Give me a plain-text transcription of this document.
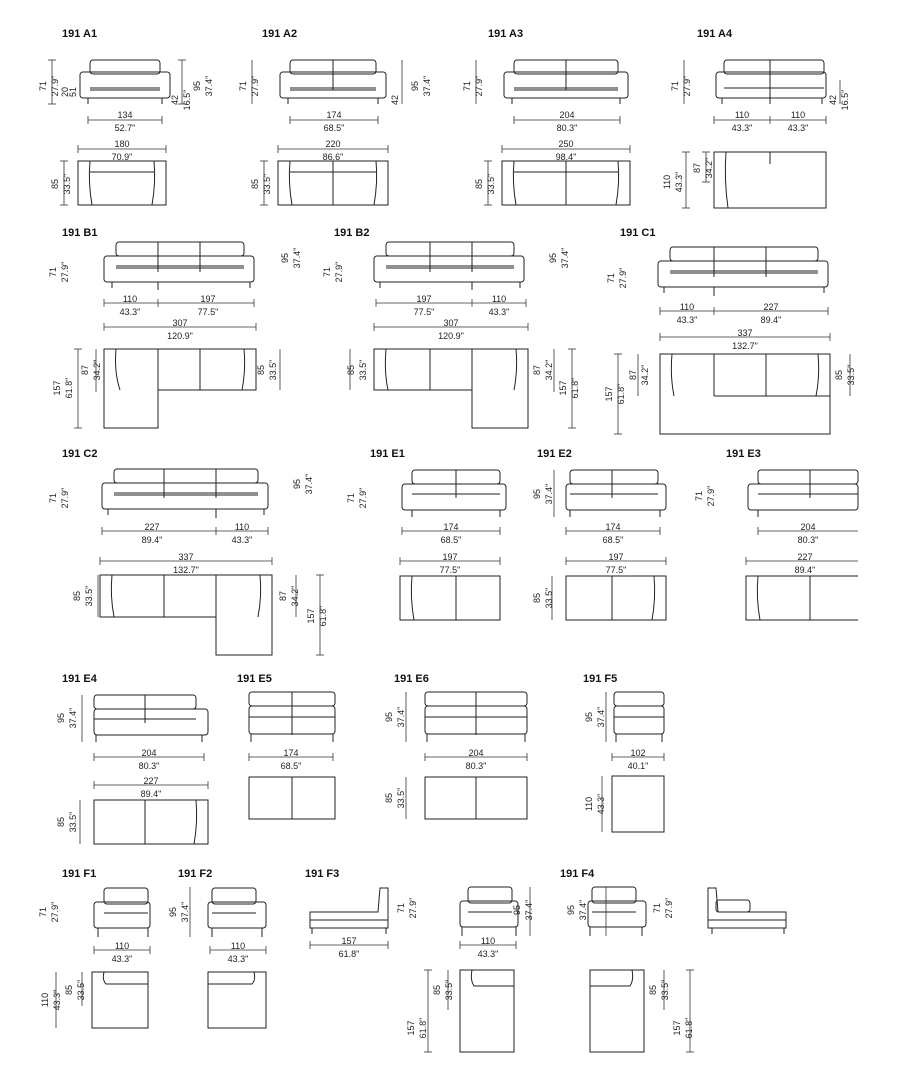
191 A1	191 A2	191 A3	191 A4
191 B1	191 B2	191 C1
191 C2	191 E1	191 E2	191 E3
191 E4	191 E5	191 E6	191 F5
191 F1	191 F2	191 F3	191 F4
134
52.7"
180
70.9"
174
68.5"
220
86.6"
204
80.3"
250
98.4"
110
43.3"
110
43.3"
110
43.3"
197
77.5"
307
120.9"
197
77.5"
110
43.3"
307
120.9"
110
43.3"
227
89.4"
337
132.7"
227
89.4"
110
43.3"
337
132.7"
174
68.5"
197
77.5"
174
68.5"
197
77.5"
204
80.3"
227
89.4"
204
80.3"
227
89.4"
174
68.5"
204
80.3"
102
40.1"
110
43.3"
110
43.3"
157
61.8"
110
43.3"
71 27.9" 20
51
42 16.5"
95 37.4"
85 33.5"
71 27.9"
42
95 37.4"
85 33.5"
71 27.9"
85 33.5"
71 27.9"
42 16.5"
110 43.3"
87 34.2"
71 27.9"
95 37.4"
157 61.8"
87 34.2"	85 33.5"
71 27.9"
95 37.4"
85 33.5"	87 34.2"
157 61.8"
71 27.9"
157 61.8"
87 34.2"	85 33.5"
71 27.9"
95 37.4"
85 33.5"	87 34.2"
157 61.8"
71 27.9"	95 37.4"
85 33.5"
71 27.9"
95 37.4"
85 33.5"
95 37.4"
85 33.5"
95 37.4"
110 43.3"
71 27.9"
110 43.3" 85 33.5"
95 37.4"	71 27.9"	95 37.4"
157 61.8"
85 33.5"
95 37.4"	71 27.9"
85 33.5"
157 61.8"
